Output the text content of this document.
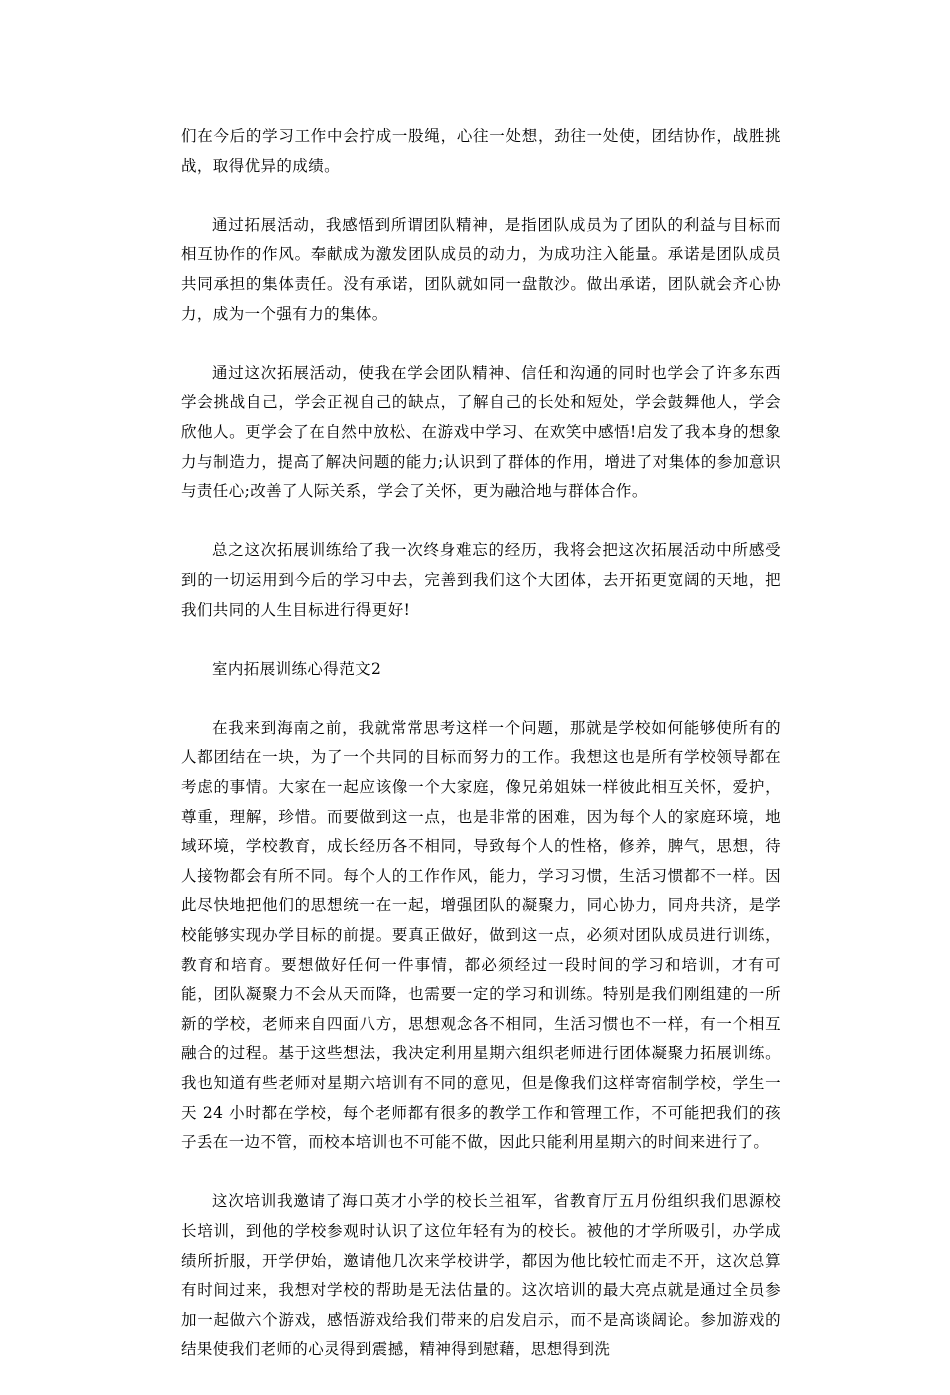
们在今后的学习工作中会拧成一股绳，心往一处想，劲往一处使，团结协作，战胜挑战，取得优异的成绩。

通过拓展活动，我感悟到所谓团队精神，是指团队成员为了团队的利益与目标而相互协作的作风。奉献成为激发团队成员的动力，为成功注入能量。承诺是团队成员共同承担的集体责任。没有承诺，团队就如同一盘散沙。做出承诺，团队就会齐心协力，成为一个强有力的集体。

通过这次拓展活动，使我在学会团队精神、信任和沟通的同时也学会了许多东西学会挑战自己，学会正视自己的缺点，了解自己的长处和短处，学会鼓舞他人，学会欣他人。更学会了在自然中放松、在游戏中学习、在欢笑中感悟!启发了我本身的想象力与制造力，提高了解决问题的能力;认识到了群体的作用，增进了对集体的参加意识与责任心;改善了人际关系，学会了关怀，更为融洽地与群体合作。

总之这次拓展训练给了我一次终身难忘的经历，我将会把这次拓展活动中所感受到的一切运用到今后的学习中去，完善到我们这个大团体，去开拓更宽阔的天地，把我们共同的人生目标进行得更好!

室内拓展训练心得范文2

在我来到海南之前，我就常常思考这样一个问题，那就是学校如何能够使所有的人都团结在一块，为了一个共同的目标而努力的工作。我想这也是所有学校领导都在考虑的事情。大家在一起应该像一个大家庭，像兄弟姐妹一样彼此相互关怀，爱护，尊重，理解，珍惜。而要做到这一点，也是非常的困难，因为每个人的家庭环境，地域环境，学校教育，成长经历各不相同，导致每个人的性格，修养，脾气，思想，待人接物都会有所不同。每个人的工作作风，能力，学习习惯，生活习惯都不一样。因此尽快地把他们的思想统一在一起，增强团队的凝聚力，同心协力，同舟共济，是学校能够实现办学目标的前提。要真正做好，做到这一点，必须对团队成员进行训练，教育和培育。要想做好任何一件事情，都必须经过一段时间的学习和培训，才有可能，团队凝聚力不会从天而降，也需要一定的学习和训练。特别是我们刚组建的一所新的学校，老师来自四面八方，思想观念各不相同，生活习惯也不一样，有一个相互融合的过程。基于这些想法，我决定利用星期六组织老师进行团体凝聚力拓展训练。我也知道有些老师对星期六培训有不同的意见，但是像我们这样寄宿制学校，学生一天 24 小时都在学校，每个老师都有很多的教学工作和管理工作，不可能把我们的孩子丢在一边不管，而校本培训也不可能不做，因此只能利用星期六的时间来进行了。

这次培训我邀请了海口英才小学的校长兰祖军，省教育厅五月份组织我们思源校长培训，到他的学校参观时认识了这位年轻有为的校长。被他的才学所吸引，办学成绩所折服，开学伊始，邀请他几次来学校讲学，都因为他比较忙而走不开，这次总算有时间过来，我想对学校的帮助是无法估量的。这次培训的最大亮点就是通过全员参加一起做六个游戏，感悟游戏给我们带来的启发启示，而不是高谈阔论。参加游戏的结果使我们老师的心灵得到震撼，精神得到慰藉，思想得到洗
